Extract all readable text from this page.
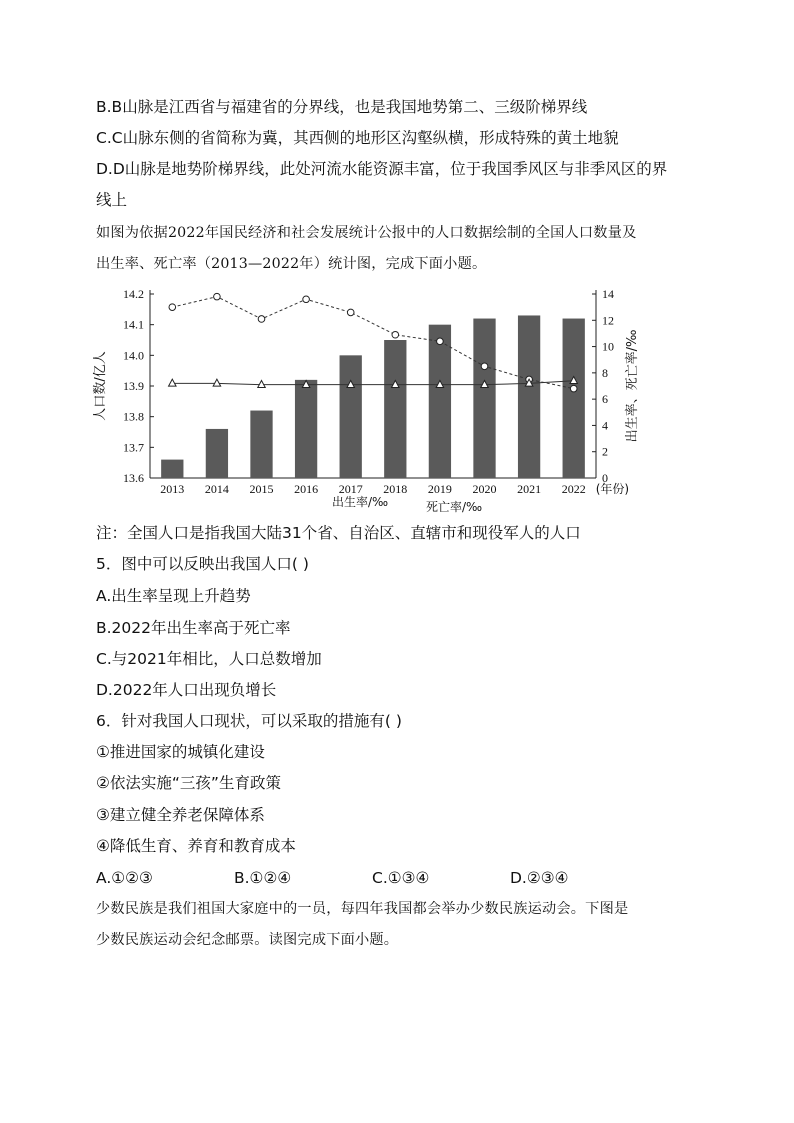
B.B山脉是江西省与福建省的分界线，也是我国地势第二、三级阶梯界线
C.C山脉东侧的省简称为冀，其西侧的地形区沟壑纵横，形成特殊的黄土地貌
D.D山脉是地势阶梯界线，此处河流水能资源丰富，位于我国季风区与非季风区的界
线上
如图为依据2022年国民经济和社会发展统计公报中的人口数据绘制的全国人口数量及
出生率、死亡率（2013—2022年）统计图，完成下面小题。
13.6
13.7
13.8
13.9
14.0
14.1
14.2
0
2
4
6
8
10
12
14
2013 2014 2015 2016 2017 2018 2019 2020 2021 2022 (年份)
人口数/亿人	出生率、死亡率/‰
出生率/‰	死亡率/‰
注：全国人口是指我国大陆31个省、自治区、直辖市和现役军人的人口
5．图中可以反映出我国人口( )
A.出生率呈现上升趋势
B.2022年出生率高于死亡率
C.与2021年相比，人口总数增加
D.2022年人口出现负增长
6．针对我国人口现状，可以采取的措施有( )
①推进国家的城镇化建设
②依法实施“三孩”生育政策
③建立健全养老保障体系
④降低生育、养育和教育成本
A.①②③	B.①②④	C.①③④	D.②③④
少数民族是我们祖国大家庭中的一员，每四年我国都会举办少数民族运动会。下图是
少数民族运动会纪念邮票。读图完成下面小题。
